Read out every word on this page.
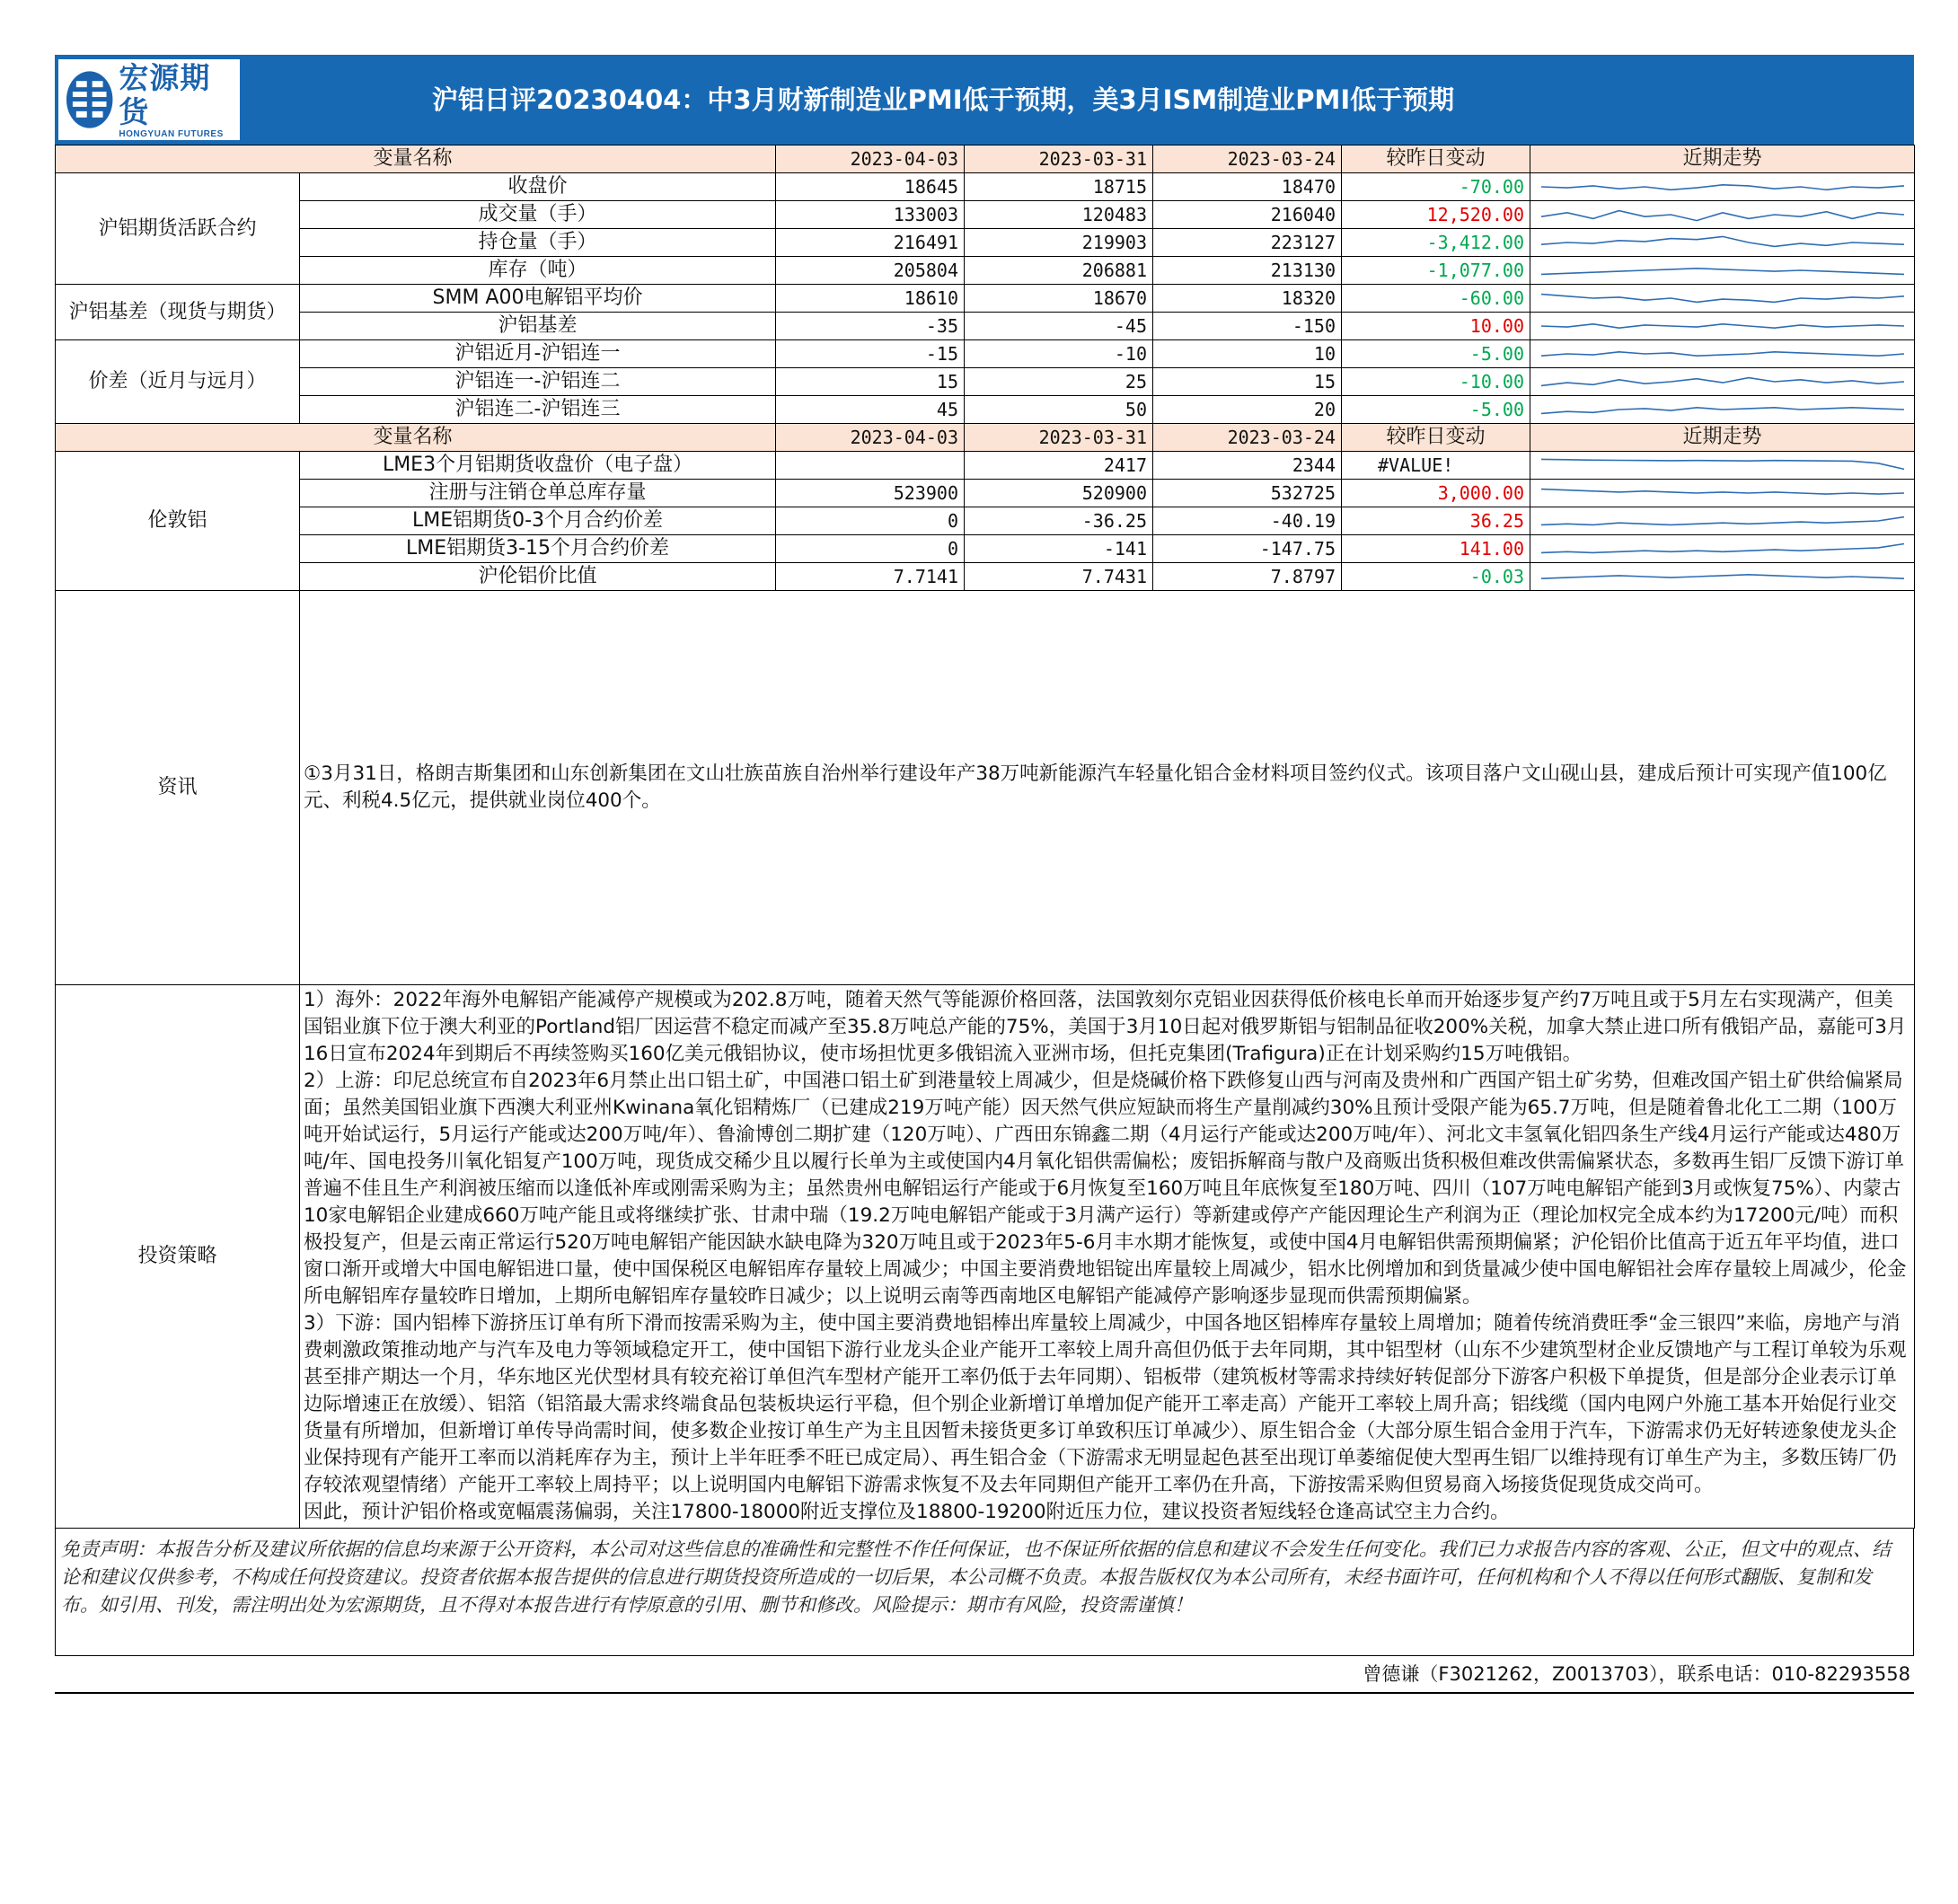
宏源期货
HONGYUAN FUTURES
沪铝日评20230404：中3月财新制造业PMI低于预期，美3月ISM制造业PMI低于预期
变量名称		2023-04-03	2023-03-31	2023-03-24	较昨日变动	近期走势
沪铝期货活跃合约	收盘价	18645	18715	18470	-70.00	

	成交量（手）	133003	120483	216040	12,520.00	

	持仓量（手）	216491	219903	223127	-3,412.00	

	库存（吨）	205804	206881	213130	-1,077.00	

沪铝基差（现货与期货）	SMM A00电解铝平均价	18610	18670	18320	-60.00	

	沪铝基差	-35	-45	-150	10.00	

价差（近月与远月）	沪铝近月-沪铝连一	-15	-10	10	-5.00	

	沪铝连一-沪铝连二	15	25	15	-10.00	

	沪铝连二-沪铝连三	45	50	20	-5.00	

变量名称		2023-04-03	2023-03-31	2023-03-24	较昨日变动	近期走势
伦敦铝	LME3个月铝期货收盘价（电子盘）		2417	2344	#VALUE!	

	注册与注销仓单总库存量	523900	520900	532725	3,000.00	

	LME铝期货0-3个月合约价差	0	-36.25	-40.19	36.25	

	LME铝期货3-15个月合约价差	0	-141	-147.75	141.00	

	沪伦铝价比值	7.7141	7.7431	7.8797	-0.03	

资讯	①3月31日，格朗吉斯集团和山东创新集团在文山壮族苗族自治州举行建设年产38万吨新能源汽车轻量化铝合金材料项目签约仪式。该项目落户文山砚山县，建成后预计可实现产值100亿元、利税4.5亿元，提供就业岗位400个。					
投资策略	1）海外：2022年海外电解铝产能减停产规模或为202.8万吨，随着天然气等能源价格回落，法国敦刻尔克铝业因获得低价核电长单而开始逐步复产约7万吨且或于5月左右实现满产，但美国铝业旗下位于澳大利亚的Portland铝厂因运营不稳定而减产至35.8万吨总产能的75%，美国于3月10日起对俄罗斯铝与铝制品征收200%关税，加拿大禁止进口所有俄铝产品，嘉能可3月16日宣布2024年到期后不再续签购买160亿美元俄铝协议，使市场担忧更多俄铝流入亚洲市场，但托克集团(Trafigura)正在计划采购约15万吨俄铝。

2）上游：印尼总统宣布自2023年6月禁止出口铝土矿，中国港口铝土矿到港量较上周减少，但是烧碱价格下跌修复山西与河南及贵州和广西国产铝土矿劣势，但难改国产铝土矿供给偏紧局面；虽然美国铝业旗下西澳大利亚州Kwinana氧化铝精炼厂（已建成219万吨产能）因天然气供应短缺而将生产量削减约30%且预计受限产能为65.7万吨，但是随着鲁北化工二期（100万吨开始试运行，5月运行产能或达200万吨/年）、鲁渝博创二期扩建（120万吨）、广西田东锦鑫二期（4月运行产能或达200万吨/年）、河北文丰氢氧化铝四条生产线4月运行产能或达480万吨/年、国电投务川氧化铝复产100万吨，现货成交稀少且以履行长单为主或使国内4月氧化铝供需偏松；废铝拆解商与散户及商贩出货积极但难改供需偏紧状态，多数再生铝厂反馈下游订单普遍不佳且生产利润被压缩而以逢低补库或刚需采购为主；虽然贵州电解铝运行产能或于6月恢复至160万吨且年底恢复至180万吨、四川（107万吨电解铝产能到3月或恢复75%）、内蒙古10家电解铝企业建成660万吨产能且或将继续扩张、甘肃中瑞（19.2万吨电解铝产能或于3月满产运行）等新建或停产产能因理论生产利润为正（理论加权完全成本约为17200元/吨）而积极投复产，但是云南正常运行520万吨电解铝产能因缺水缺电降为320万吨且或于2023年5-6月丰水期才能恢复，或使中国4月电解铝供需预期偏紧；沪伦铝价比值高于近五年平均值，进口窗口渐开或增大中国电解铝进口量，使中国保税区电解铝库存量较上周减少；中国主要消费地铝锭出库量较上周减少，铝水比例增加和到货量减少使中国电解铝社会库存量较上周减少，伦金所电解铝库存量较昨日增加，上期所电解铝库存量较昨日减少；以上说明云南等西南地区电解铝产能减停产影响逐步显现而供需预期偏紧。

3）下游：国内铝棒下游挤压订单有所下滑而按需采购为主，使中国主要消费地铝棒出库量较上周减少，中国各地区铝棒库存量较上周增加；随着传统消费旺季“金三银四”来临，房地产与消费刺激政策推动地产与汽车及电力等领域稳定开工，使中国铝下游行业龙头企业产能开工率较上周升高但仍低于去年同期，其中铝型材（山东不少建筑型材企业反馈地产与工程订单较为乐观甚至排产期达一个月，华东地区光伏型材具有较充裕订单但汽车型材产能开工率仍低于去年同期）、铝板带（建筑板材等需求持续好转促部分下游客户积极下单提货，但是部分企业表示订单边际增速正在放缓）、铝箔（铝箔最大需求终端食品包装板块运行平稳，但个别企业新增订单增加促产能开工率走高）产能开工率较上周升高；铝线缆（国内电网户外施工基本开始促行业交货量有所增加，但新增订单传导尚需时间，使多数企业按订单生产为主且因暂未接货更多订单致积压订单减少）、原生铝合金（大部分原生铝合金用于汽车，下游需求仍无好转迹象使龙头企业保持现有产能开工率而以消耗库存为主，预计上半年旺季不旺已成定局）、再生铝合金（下游需求无明显起色甚至出现订单萎缩促使大型再生铝厂以维持现有订单生产为主，多数压铸厂仍存较浓观望情绪）产能开工率较上周持平；以上说明国内电解铝下游需求恢复不及去年同期但产能开工率仍在升高，下游按需采购但贸易商入场接货促现货成交尚可。

因此，预计沪铝价格或宽幅震荡偏弱，关注17800-18000附近支撑位及18800-19200附近压力位，建议投资者短线轻仓逢高试空主力合约。					

免责声明：本报告分析及建议所依据的信息均来源于公开资料，本公司对这些信息的准确性和完整性不作任何保证，也不保证所依据的信息和建议不会发生任何变化。我们已力求报告内容的客观、公正，但文中的观点、结论和建议仅供参考，不构成任何投资建议。投资者依据本报告提供的信息进行期货投资所造成的一切后果，本公司概不负责。本报告版权仅为本公司所有，未经书面许可，任何机构和个人不得以任何形式翻版、复制和发布。如引用、刊发，需注明出处为宏源期货，且不得对本报告进行有悖原意的引用、删节和修改。风险提示：期市有风险，投资需谨慎！
曾德谦（F3021262，Z0013703），联系电话：010-82293558
